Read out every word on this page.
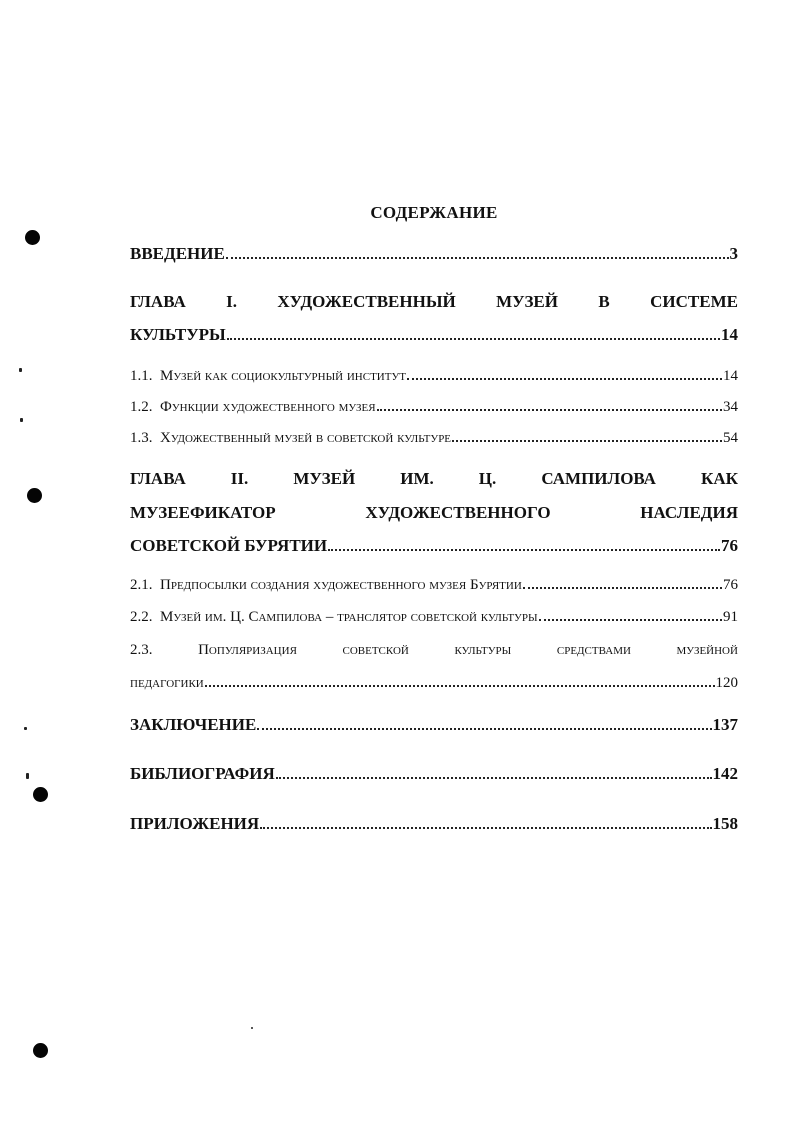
СОДЕРЖАНИЕ
ВВЕДЕНИЕ	3
ГЛАВА I. ХУДОЖЕСТВЕННЫЙ МУЗЕЙ В СИСТЕМЕ
КУЛЬТУРЫ	14
1.1. Музей как социокультурный институт	14
1.2. Функции художественного музея	34
1.3. Художественный музей в советской культуре	54
ГЛАВА	II.	МУЗЕЙ	ИМ.	Ц.	САМПИЛОВА	КАК
МУЗЕЕФИКАТОР	ХУДОЖЕСТВЕННОГО	НАСЛЕДИЯ
СОВЕТСКОЙ БУРЯТИИ	76
2.1. Предпосылки создания художественного музея Бурятии	76
2.2. Музей им. Ц. Сампилова – транслятор советской культуры	91
2.3.	Популяризация	советской	культуры	средствами	музейной
педагогики	120
ЗАКЛЮЧЕНИЕ	137
БИБЛИОГРАФИЯ	142
ПРИЛОЖЕНИЯ	158
